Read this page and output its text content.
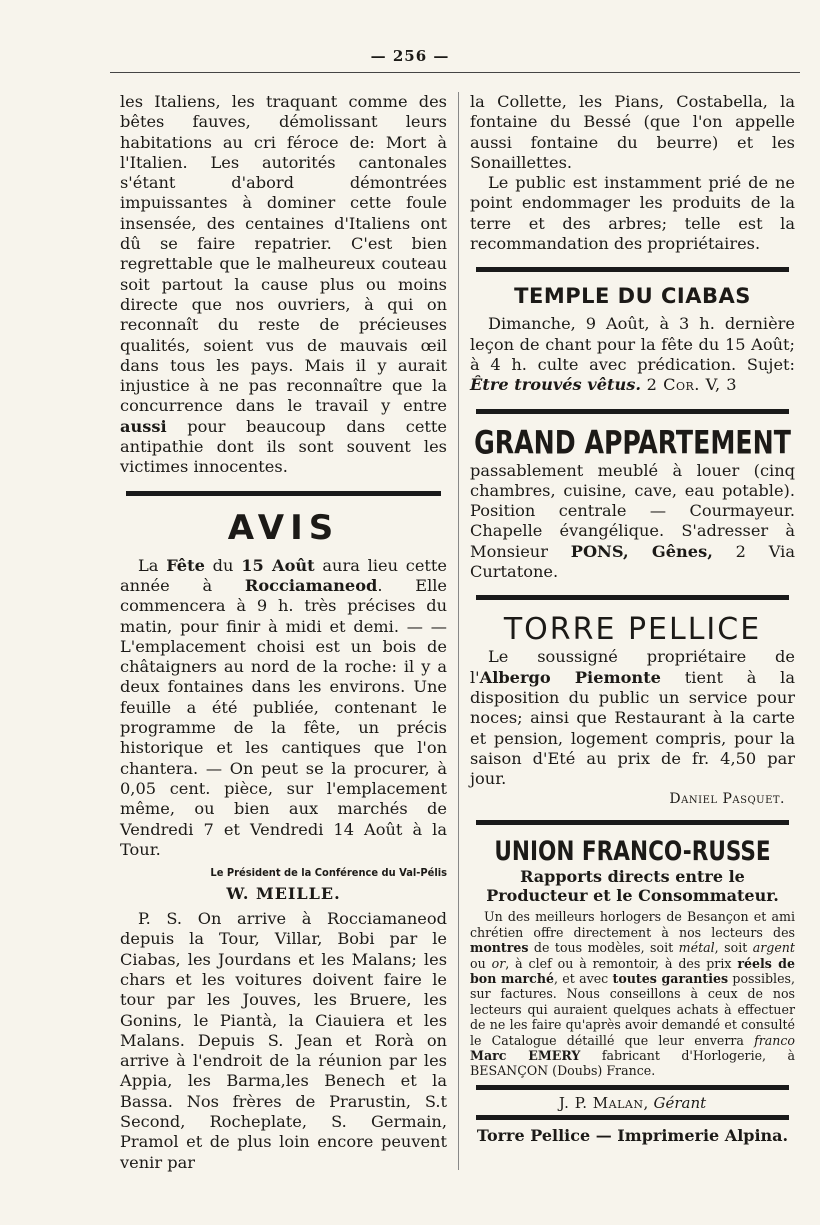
— 256 —

les Italiens, les traquant comme des bêtes fauves, démolissant leurs habitations au cri féroce de: Mort à l'Italien. Les autorités cantonales s'étant d'abord démontrées impuissantes à dominer cette foule insensée, des centaines d'Italiens ont dû se faire repatrier. C'est bien regrettable que le malheureux couteau soit partout la cause plus ou moins directe que nos ouvriers, à qui on reconnaît du reste de précieuses qualités, soient vus de mauvais œil dans tous les pays. Mais il y aurait injustice à ne pas reconnaître que la concurrence dans le travail y entre aussi pour beaucoup dans cette antipathie dont ils sont souvent les victimes innocentes.

AVIS

La Fête du 15 Août aura lieu cette année à Rocciamaneod. Elle commencera à 9 h. très précises du matin, pour finir à midi et demi. — — L'emplacement choisi est un bois de châtaigners au nord de la roche: il y a deux fontaines dans les environs. Une feuille a été publiée, contenant le programme de la fête, un précis historique et les cantiques que l'on chantera. — On peut se la procurer, à 0,05 cent. pièce, sur l'emplacement même, ou bien aux marchés de Vendredi 7 et Vendredi 14 Août à la Tour.

Le Président de la Conférence du Val-Pélis
W. MEILLE.

P. S. On arrive à Rocciamaneod depuis la Tour, Villar, Bobi par le Ciabas, les Jourdans et les Malans; les chars et les voitures doivent faire le tour par les Jouves, les Bruere, les Gonins, le Piantà, la Ciauiera et les Malans. Depuis S. Jean et Rorà on arrive à l'endroit de la réunion par les Appia, les Barma,les Benech et la Bassa. Nos frères de Prarustin, S.t Second, Rocheplate, S. Germain, Pramol et de plus loin encore peuvent venir par

la Collette, les Pians, Costabella, la fontaine du Bessé (que l'on appelle aussi fontaine du beurre) et les Sonaillettes.

Le public est instamment prié de ne point endommager les produits de la terre et des arbres; telle est la recommandation des propriétaires.

TEMPLE DU CIABAS

Dimanche, 9 Août, à 3 h. dernière leçon de chant pour la fête du 15 Août; à 4 h. culte avec prédication. Sujet: Être trouvés vêtus. 2 Cor. V, 3

GRAND APPARTEMENT

passablement meublé à louer (cinq chambres, cuisine, cave, eau potable). Position centrale — Courmayeur. Chapelle évangélique. S'adresser à Monsieur PONS, Gênes, 2 Via Curtatone.

TORRE PELLICE

Le soussigné propriétaire de l'Albergo Piemonte tient à la disposition du public un service pour noces; ainsi que Restaurant à la carte et pension, logement compris, pour la saison d'Eté au prix de fr. 4,50 par jour.

Daniel Pasquet.
UNION FRANCO-RUSSE
Rapports directs entre le Producteur et le Consommateur.

Un des meilleurs horlogers de Besançon et ami chrétien offre directement à nos lecteurs des montres de tous modèles, soit métal, soit argent ou or, à clef ou à remontoir, à des prix réels de bon marché, et avec toutes garanties possibles, sur factures. Nous conseillons à ceux de nos lecteurs qui auraient quelques achats à effectuer de ne les faire qu'après avoir demandé et consulté le Catalogue détaillé que leur enverra franco Marc EMERY fabricant d'Horlogerie, à BESANÇON (Doubs) France.

J. P. Malan, Gérant
Torre Pellice — Imprimerie Alpina.
